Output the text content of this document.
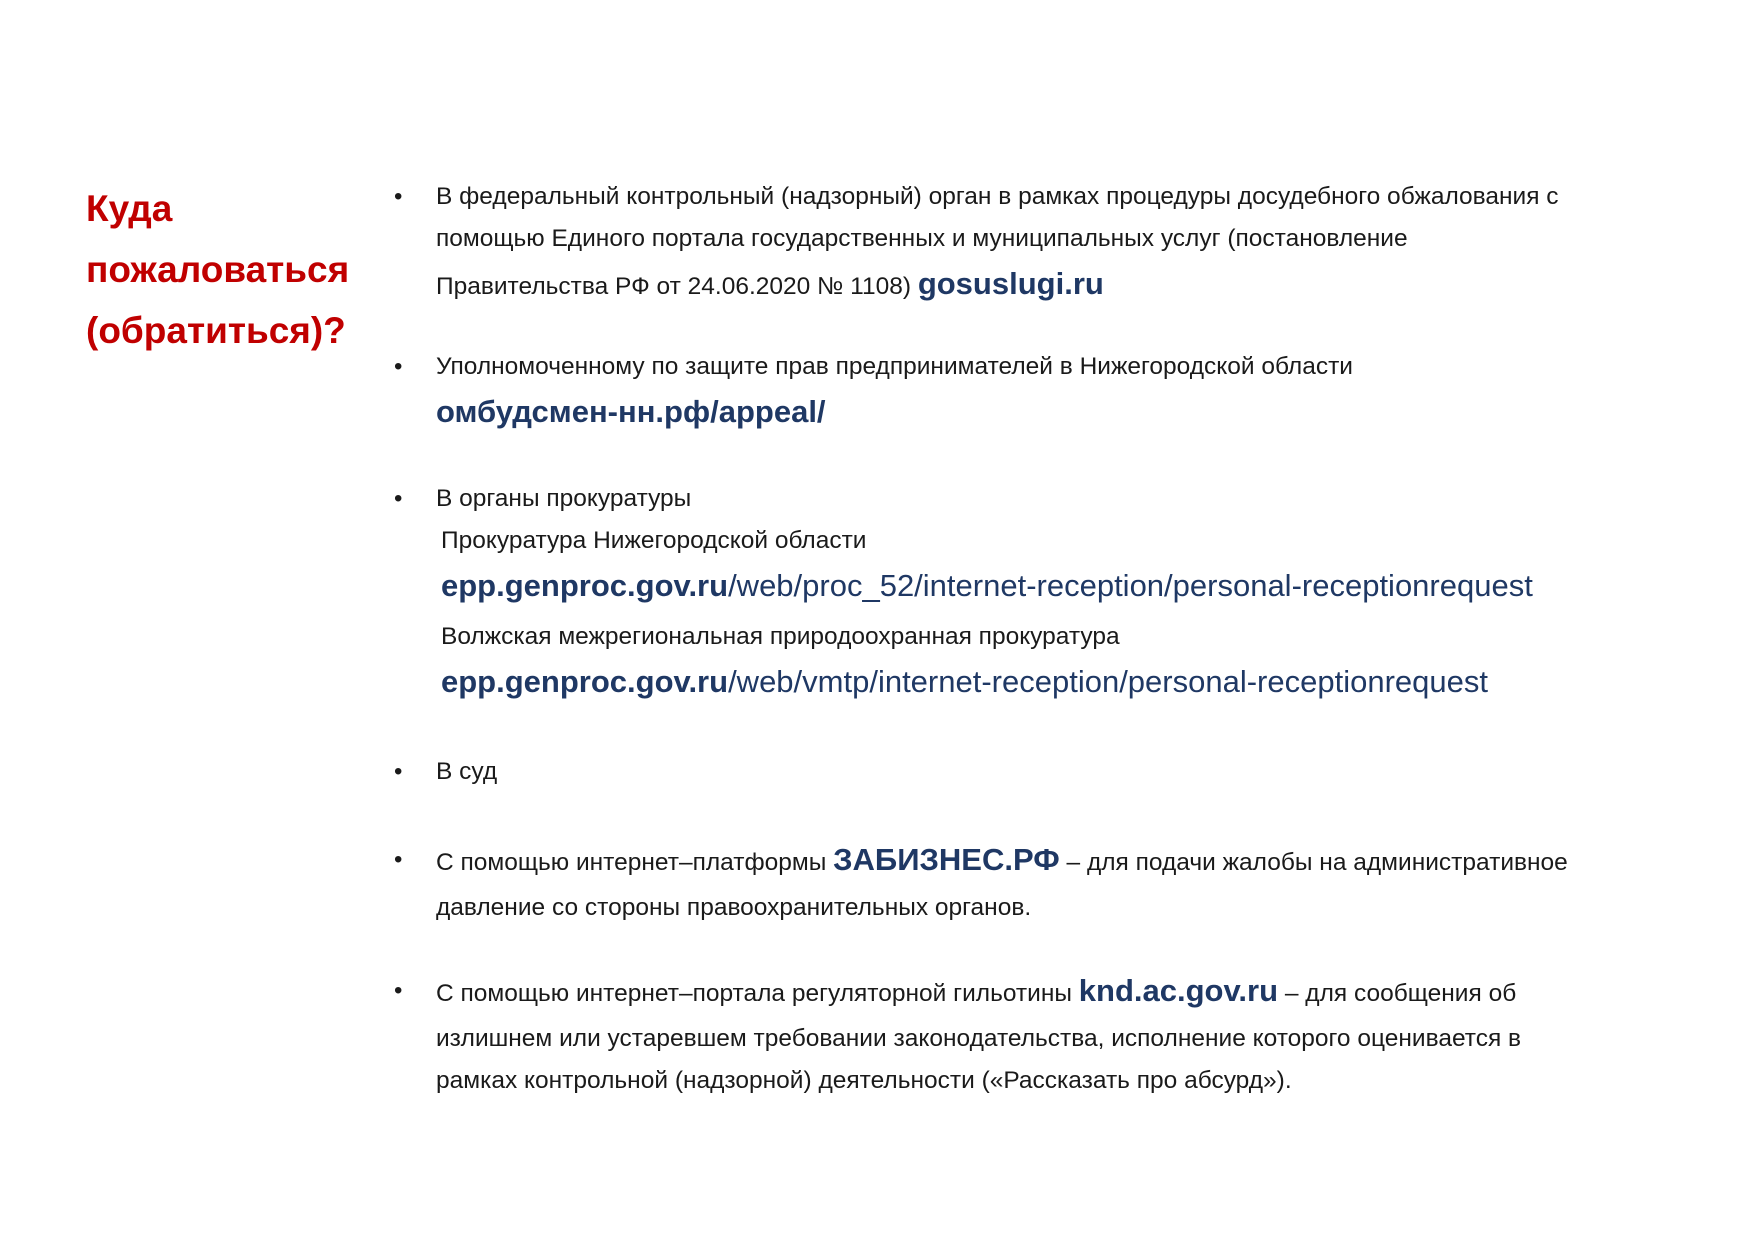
Куда
пожаловаться
(обратиться)?
• В федеральный контрольный (надзорный) орган в рамках процедуры досудебного обжалования с
помощью Единого портала государственных и муниципальных услуг (постановление
Правительства РФ от 24.06.2020 № 1108) gosuslugi.ru
• Уполномоченному по защите прав предпринимателей в Нижегородской области
омбудсмен-нн.рф/appeal/
• В органы прокуратуры
Прокуратура Нижегородской области
epp.genproc.gov.ru/web/proc_52/internet-reception/personal-receptionrequest
Волжская межрегиональная природоохранная прокуратура
epp.genproc.gov.ru/web/vmtp/internet-reception/personal-receptionrequest
• В суд
• С помощью интернет–платформы ЗАБИЗНЕС.РФ – для подачи жалобы на административное
давление со стороны правоохранительных органов.
• С помощью интернет–портала регуляторной гильотины knd.ac.gov.ru – для сообщения об
излишнем или устаревшем требовании законодательства, исполнение которого оценивается в
рамках контрольной (надзорной) деятельности («Рассказать про абсурд»).
